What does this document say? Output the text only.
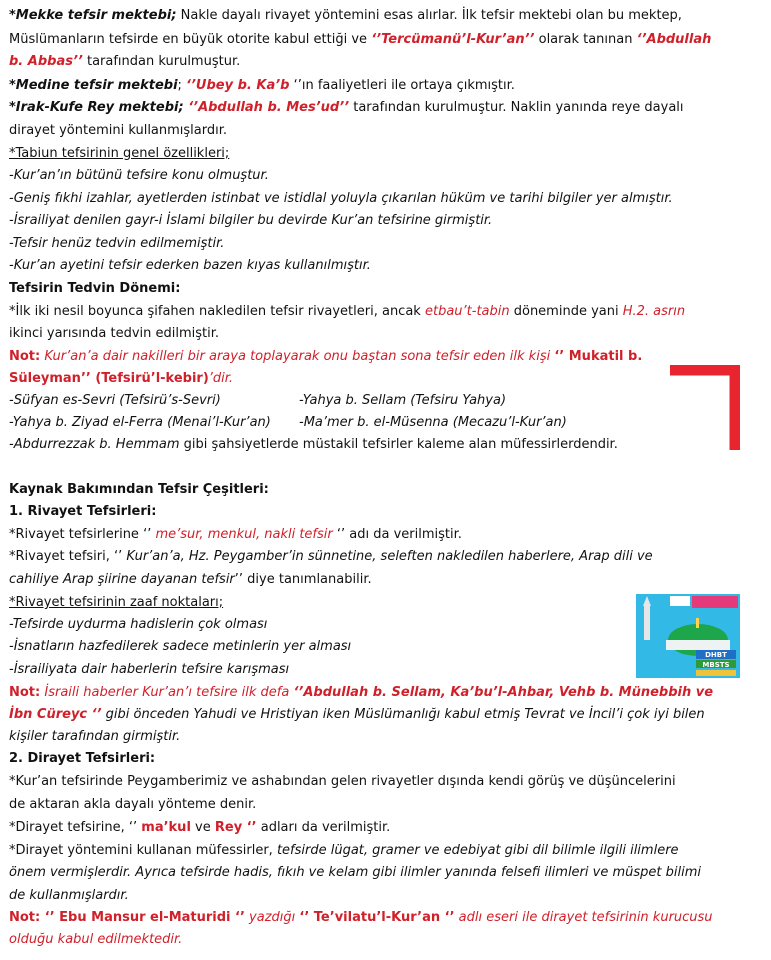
*Mekke tefsir mektebi; Nakle dayalı rivayet yöntemini esas alırlar. İlk tefsir mektebi olan bu mektep,
Müslümanların tefsirde en büyük otorite kabul ettiği ve ‘’Tercümanü’l-Kur’an’’ olarak tanınan ‘’Abdullah
b. Abbas’’ tarafından kurulmuştur.
*Medine tefsir mektebi; ‘’Ubey b. Ka’b ‘’ın faaliyetleri ile ortaya çıkmıştır.
*Irak-Kufe Rey mektebi; ‘’Abdullah b. Mes’ud’’ tarafından kurulmuştur. Naklin yanında reye dayalı
dirayet yöntemini kullanmışlardır.
*Tabiun tefsirinin genel özellikleri;
-Kur’an’ın bütünü tefsire konu olmuştur.
-Geniş fıkhi izahlar, ayetlerden istinbat ve istidlal yoluyla çıkarılan hüküm ve tarihi bilgiler yer almıştır.
-İsrailiyat denilen gayr-i İslami bilgiler bu devirde Kur’an tefsirine girmiştir.
-Tefsir henüz tedvin edilmemiştir.
-Kur’an ayetini tefsir ederken bazen kıyas kullanılmıştır.
Tefsirin Tedvin Dönemi:
*İlk iki nesil boyunca şifahen nakledilen tefsir rivayetleri, ancak etbau’t-tabin döneminde yani H.2. asrın
ikinci yarısında tedvin edilmiştir.
Not: Kur’an’a dair nakilleri bir araya toplayarak onu baştan sona tefsir eden ilk kişi ‘’ Mukatil b.
Süleyman’’ (Tefsirü’l-kebir)’dir.
-Süfyan es-Sevri (Tefsirü’s-Sevri)	-Yahya b. Sellam (Tefsiru Yahya)
-Yahya b. Ziyad el-Ferra (Menai’l-Kur’an) -Ma’mer b. el-Müsenna (Mecazu’l-Kur’an)
-Abdurrezzak b. Hemmam gibi şahsiyetlerde müstakil tefsirler kaleme alan müfessirlerdendir.
Kaynak Bakımından Tefsir Çeşitleri:
1. Rivayet Tefsirleri:
*Rivayet tefsirlerine ‘’ me’sur, menkul, nakli tefsir ‘’ adı da verilmiştir.
*Rivayet tefsiri, ‘’ Kur’an’a, Hz. Peygamber’in sünnetine, seleften nakledilen haberlere, Arap dili ve
cahiliye Arap şiirine dayanan tefsir’’ diye tanımlanabilir.
*Rivayet tefsirinin zaaf noktaları;
-Tefsirde uydurma hadislerin çok olması
-İsnatların hazfedilerek sadece metinlerin yer alması
-İsrailiyata dair haberlerin tefsire karışması
Not: İsraili haberler Kur’an’ı tefsire ilk defa ‘’Abdullah b. Sellam, Ka’bu’l-Ahbar, Vehb b. Münebbih ve
İbn Cüreyc ‘’ gibi önceden Yahudi ve Hristiyan iken Müslümanlığı kabul etmiş Tevrat ve İncil’i çok iyi bilen
kişiler tarafından girmiştir.
2. Dirayet Tefsirleri:
*Kur’an tefsirinde Peygamberimiz ve ashabından gelen rivayetler dışında kendi görüş ve düşüncelerini
de aktaran akla dayalı yönteme denir.
*Dirayet tefsirine, ‘’ ma’kul ve Rey ‘’ adları da verilmiştir.
*Dirayet yöntemini kullanan müfessirler, tefsirde lügat, gramer ve edebiyat gibi dil bilimle ilgili ilimlere
önem vermişlerdir. Ayrıca tefsirde hadis, fıkıh ve kelam gibi ilimler yanında felsefi ilimleri ve müspet bilimi
de kullanmışlardır.
Not: ‘’ Ebu Mansur el-Maturidi ‘’ yazdığı ‘’ Te’vilatu’l-Kur’an ‘’ adlı eseri ile dirayet tefsirinin kurucusu
olduğu kabul edilmektedir.
DHBT
MBSTS
